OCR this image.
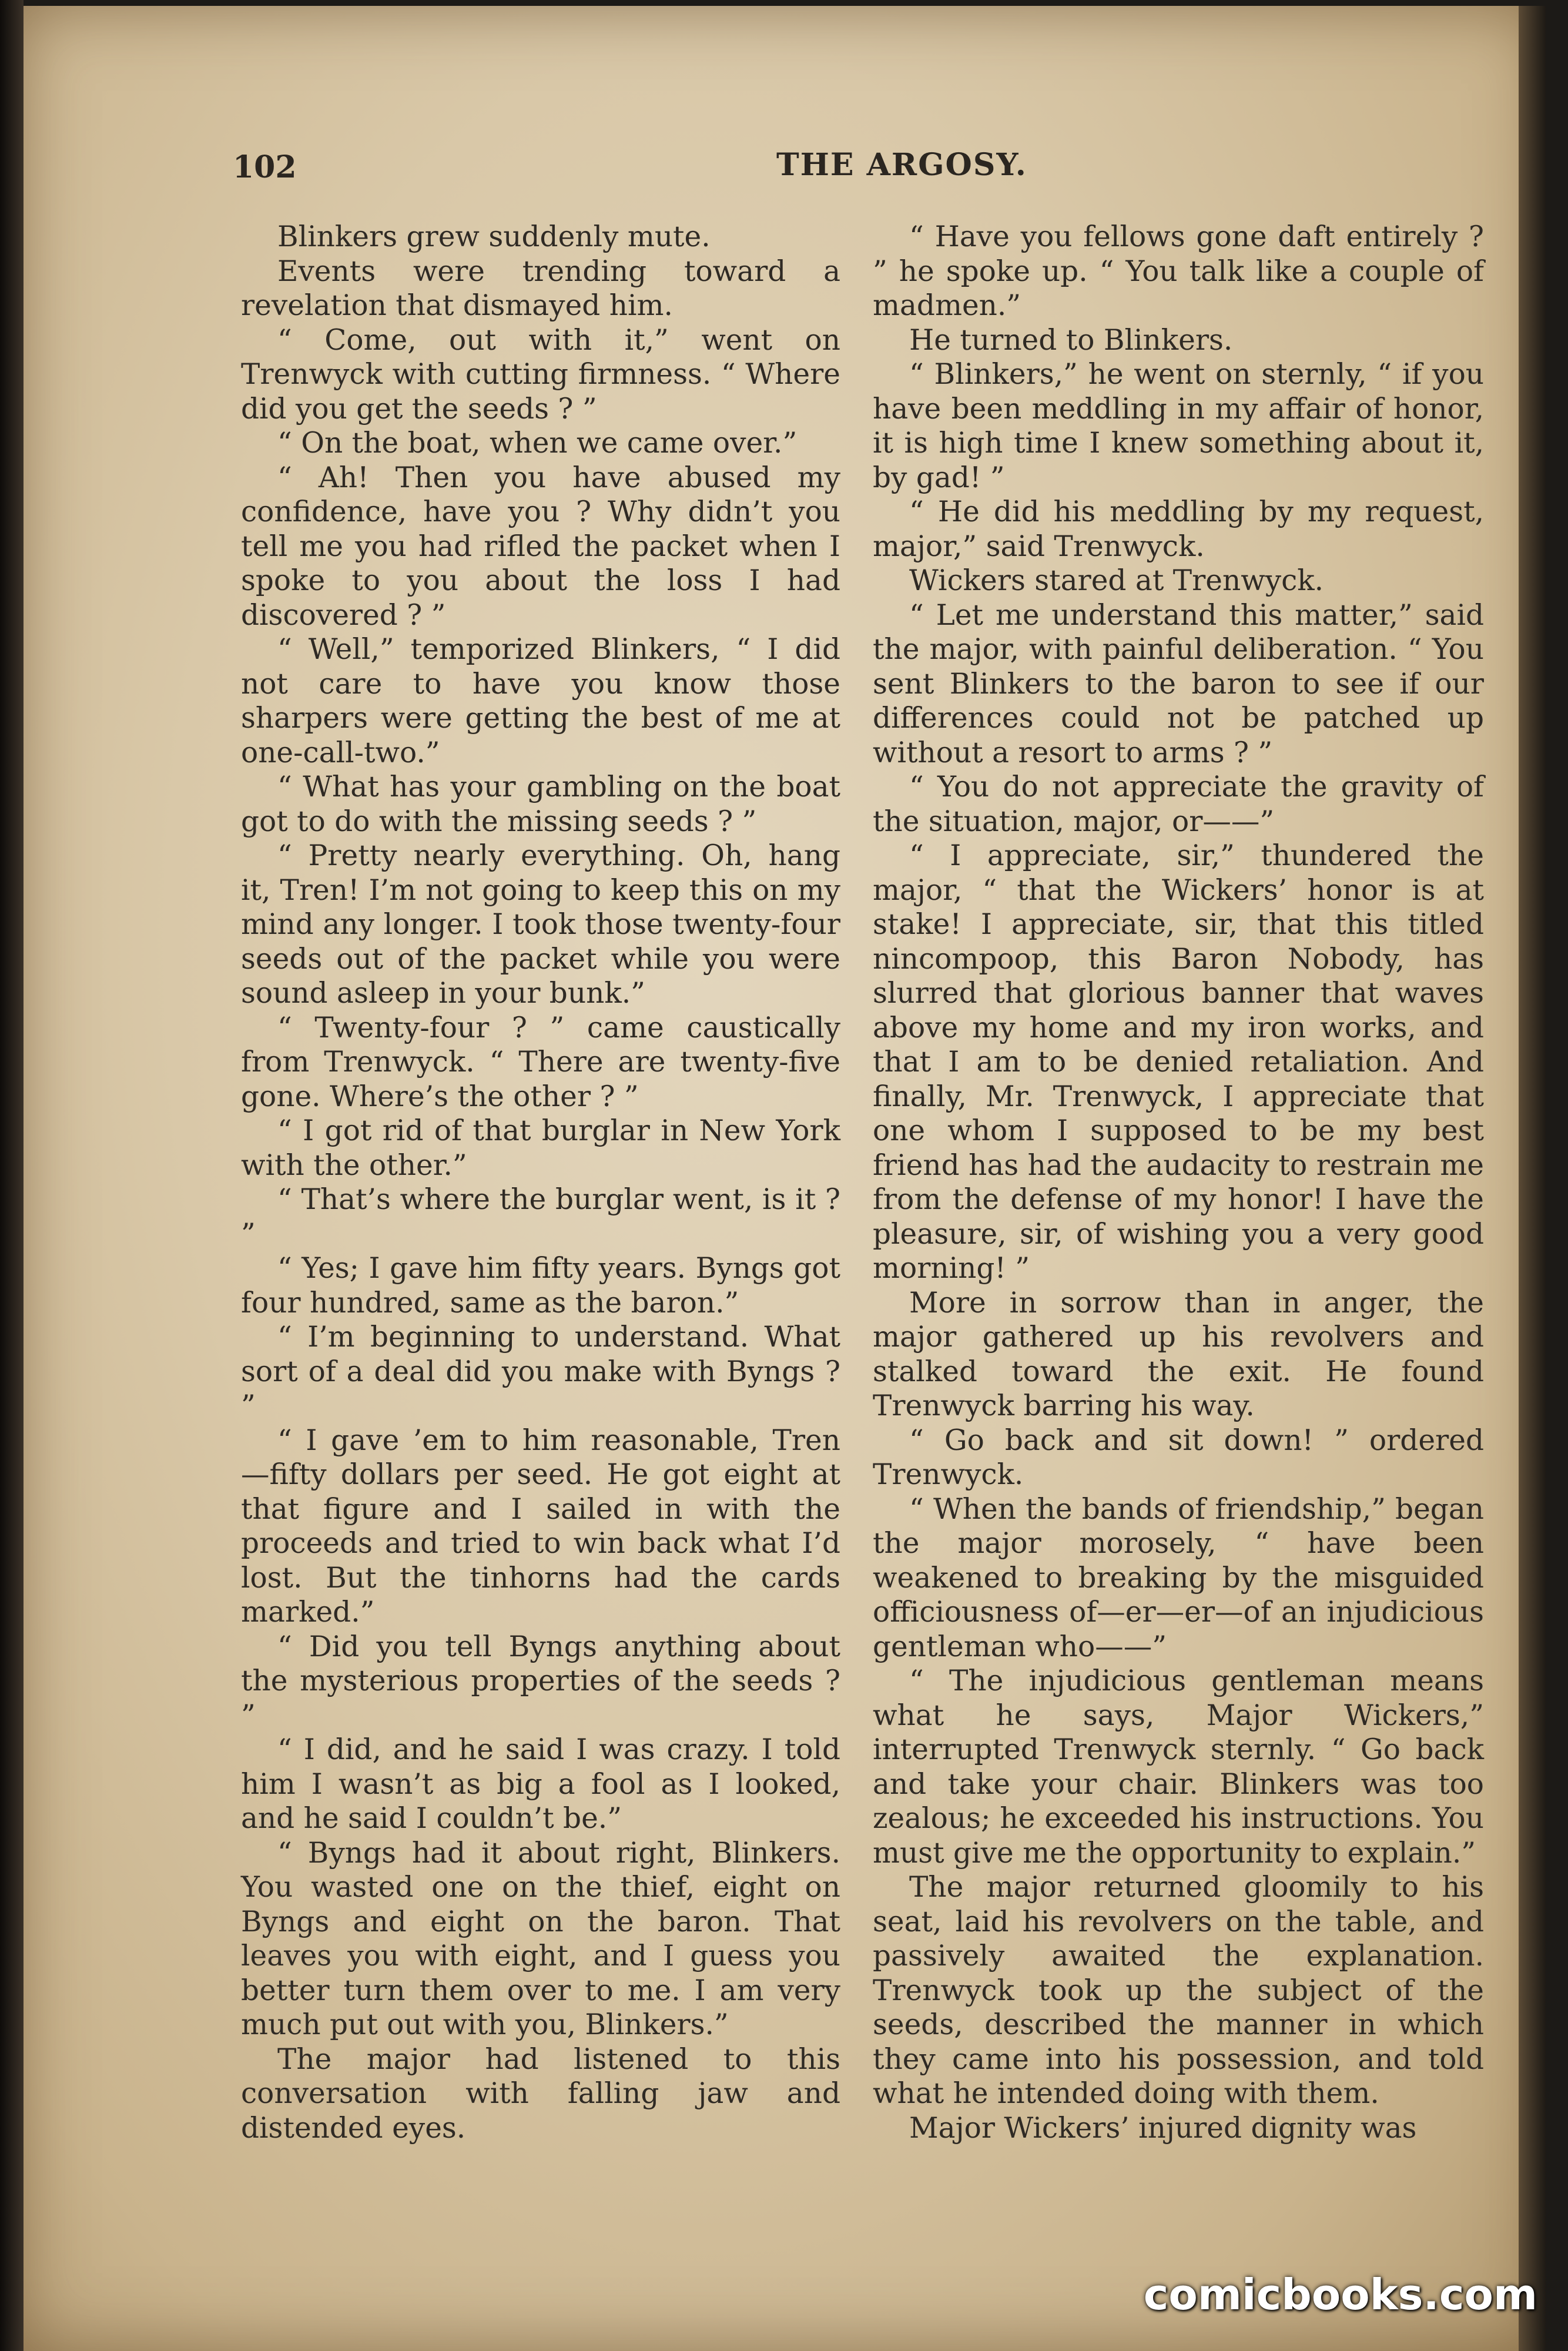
102	THE ARGOSY.

Blinkers grew suddenly mute.

Events were trending toward a revelation that dismayed him.

“ Come, out with it,” went on Trenwyck with cutting firmness. “ Where did you get the seeds ? ”

“ On the boat, when we came over.”

“ Ah! Then you have abused my confidence, have you ? Why didn’t you tell me you had rifled the packet when I spoke to you about the loss I had discovered ? ”

“ Well,” temporized Blinkers, “ I did not care to have you know those sharpers were getting the best of me at one-call-two.”

“ What has your gambling on the boat got to do with the missing seeds ? ”

“ Pretty nearly everything. Oh, hang it, Tren! I’m not going to keep this on my mind any longer. I took those twenty-four seeds out of the packet while you were sound asleep in your bunk.”

“ Twenty-four ? ” came caustically from Trenwyck. “ There are twenty-five gone. Where’s the other ? ”

“ I got rid of that burglar in New York with the other.”

“ That’s where the burglar went, is it ? ”

“ Yes; I gave him fifty years. Byngs got four hundred, same as the baron.”

“ I’m beginning to understand. What sort of a deal did you make with Byngs ? ”

“ I gave ’em to him reasonable, Tren —fifty dollars per seed. He got eight at that figure and I sailed in with the proceeds and tried to win back what I’d lost. But the tinhorns had the cards marked.”

“ Did you tell Byngs anything about the mysterious properties of the seeds ? ”

“ I did, and he said I was crazy. I told him I wasn’t as big a fool as I looked, and he said I couldn’t be.”

“ Byngs had it about right, Blinkers. You wasted one on the thief, eight on Byngs and eight on the baron. That leaves you with eight, and I guess you better turn them over to me. I am very much put out with you, Blinkers.”

The major had listened to this conversation with falling jaw and distended eyes.

“ Have you fellows gone daft entirely ? ” he spoke up. “ You talk like a couple of madmen.”

He turned to Blinkers.

“ Blinkers,” he went on sternly, “ if you have been meddling in my affair of honor, it is high time I knew something about it, by gad! ”

“ He did his meddling by my request, major,” said Trenwyck.

Wickers stared at Trenwyck.

“ Let me understand this matter,” said the major, with painful deliberation. “ You sent Blinkers to the baron to see if our differences could not be patched up without a resort to arms ? ”

“ You do not appreciate the gravity of the situation, major, or——”

“ I appreciate, sir,” thundered the major, “ that the Wickers’ honor is at stake! I appreciate, sir, that this titled nincompoop, this Baron Nobody, has slurred that glorious banner that waves above my home and my iron works, and that I am to be denied retaliation. And finally, Mr. Trenwyck, I appreciate that one whom I supposed to be my best friend has had the audacity to restrain me from the defense of my honor! I have the pleasure, sir, of wishing you a very good morning! ”

More in sorrow than in anger, the major gathered up his revolvers and stalked toward the exit. He found Trenwyck barring his way.

“ Go back and sit down! ” ordered Trenwyck.

“ When the bands of friendship,” began the major morosely, “ have been weakened to breaking by the misguided officiousness of—er—er—of an injudicious gentleman who——”

“ The injudicious gentleman means what he says, Major Wickers,” interrupted Trenwyck sternly. “ Go back and take your chair. Blinkers was too zealous; he exceeded his instructions. You must give me the opportunity to explain.”

The major returned gloomily to his seat, laid his revolvers on the table, and passively awaited the explanation. Trenwyck took up the subject of the seeds, described the manner in which they came into his possession, and told what he intended doing with them.

Major Wickers’ injured dignity was

comicbooks.com
